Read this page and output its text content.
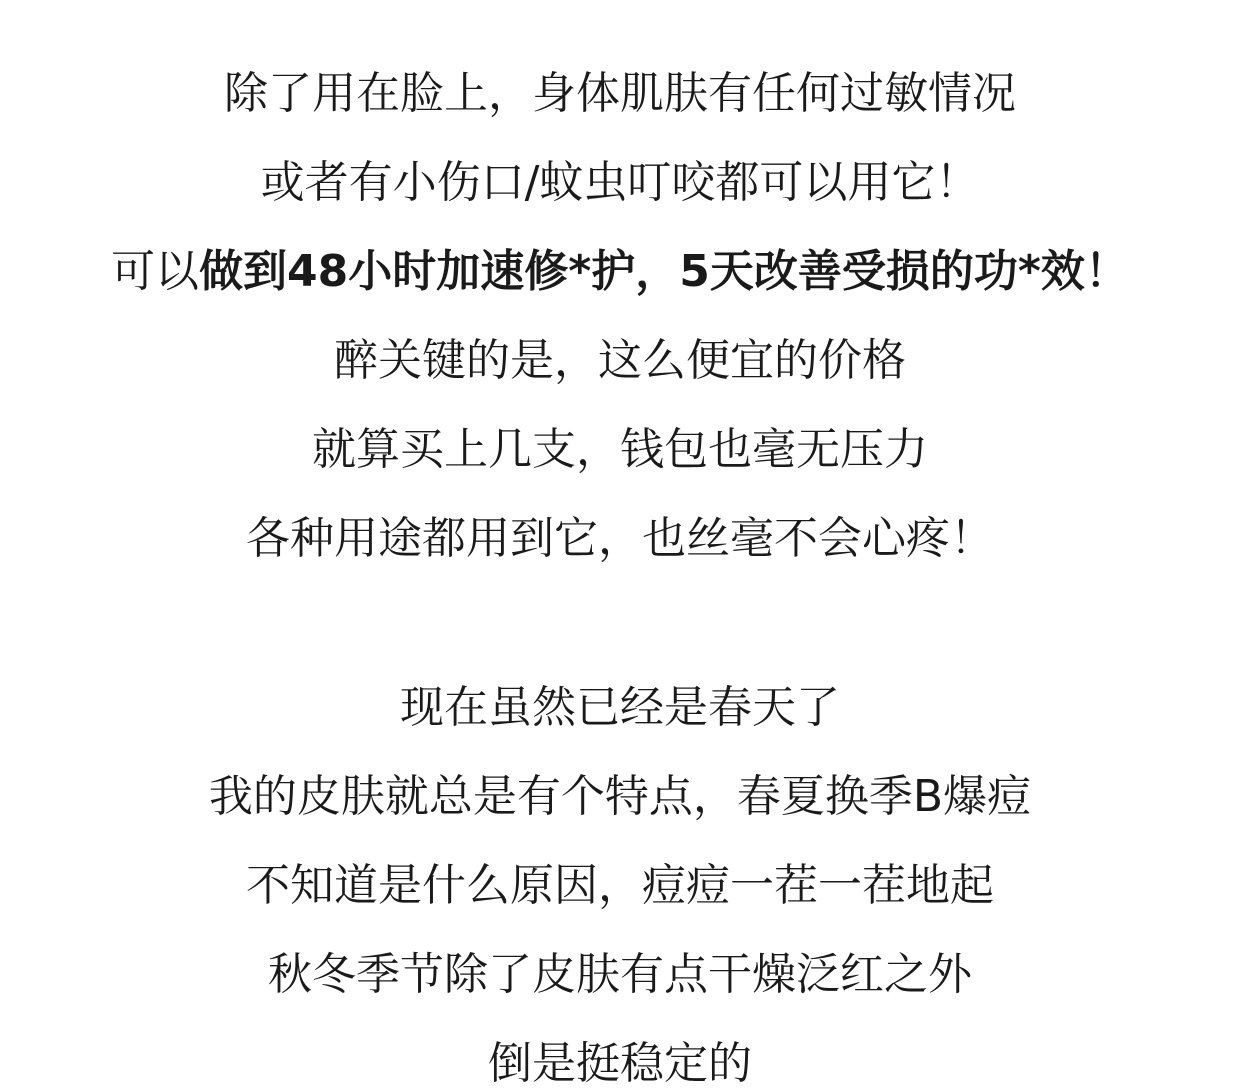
除了用在脸上，身体肌肤有任何过敏情况
或者有小伤口/蚊虫叮咬都可以用它！
可以做到48小时加速修*护，5天改善受损的功*效！
醉关键的是，这么便宜的价格
就算买上几支，钱包也毫无压力
各种用途都用到它，也丝毫不会心疼！
现在虽然已经是春天了
我的皮肤就总是有个特点，春夏换季B爆痘
不知道是什么原因，痘痘一茬一茬地起
秋冬季节除了皮肤有点干燥泛红之外
倒是挺稳定的
